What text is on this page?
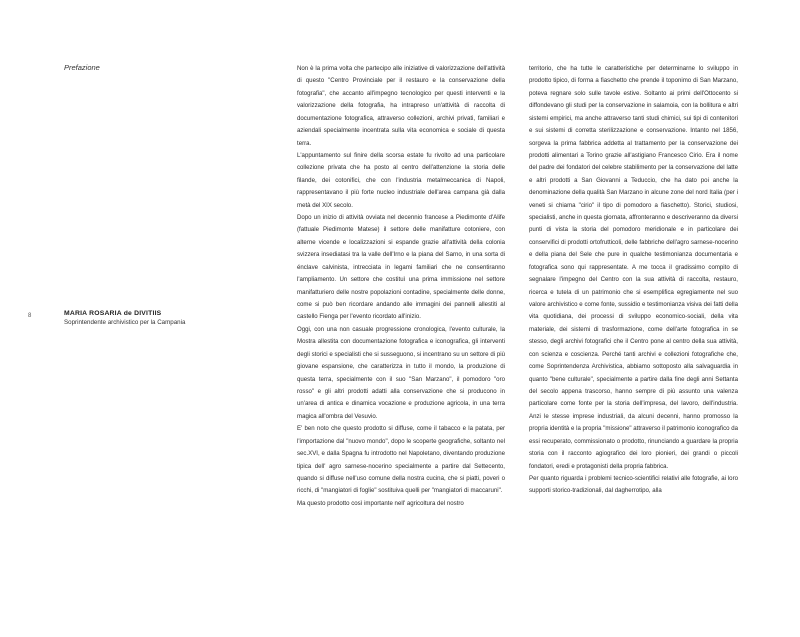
Prefazione
8	MARIA ROSARIA de DIVITIIS
Soprintendente archivistico per la Campania

Non è la prima volta che partecipo alle iniziative di valorizzazione dell'attività di questo "Centro Provinciale per il restauro e la conservazione della fotografia", che accanto all'impegno tecnologico per questi interventi e la valorizzazione della fotografia, ha intrapreso un'attività di raccolta di documentazione fotografica, attraverso collezioni, archivi privati, familiari e aziendali specialmente incentrata sulla vita economica e sociale di questa terra.

L'appuntamento sul finire della scorsa estate fu rivolto ad una particolare collezione privata che ha posto al centro dell'attenzione la storia delle filande, dei cotonifici, che con l'industria metalmeccanica di Napoli, rappresentavano il più forte nucleo industriale dell'area campana già dalla metà del XIX secolo.

Dopo un inizio di attività ovviata nel decennio francese a Piedimonte d'Alife (fattuale Piedimonte Matese) il settore delle manifatture cotoniere, con alterne vicende e localizzazioni si espande grazie all'attività della colonia svizzera insediatasi tra la valle dell'Irno e la piana del Sarno, in una sorta di énclave calvinista, intrecciata in legami familiari che ne consentiranno l'ampliamento. Un settore che costituì una prima immissione nel settore manifatturiero delle nostre popolazioni contadine, specialmente delle donne, come si può ben ricordare andando alle immagini dei pannelli allestiti al castello Fienga per l'evento ricordato all'inizio.

Oggi, con una non casuale progressione cronologica, l'evento culturale, la Mostra allestita con documentazione fotografica e iconografica, gli interventi degli storici e specialisti che si susseguono, si incentrano su un settore di più giovane espansione, che caratterizza in tutto il mondo, la produzione di questa terra, specialmente con il suo "San Marzano", il pomodoro "oro rosso" e gli altri prodotti adatti alla conservazione che si producono in un'area di antica e dinamica vocazione e produzione agricola, in una terra magica all'ombra del Vesuvio.

E' ben noto che questo prodotto si diffuse, come il tabacco e la patata, per l'importazione dal "nuovo mondo", dopo le scoperte geografiche, soltanto nel sec.XVI, e dalla Spagna fu introdotto nel Napoletano, diventando produzione tipica dell' agro sarnese-nocerino specialmente a partire dal Settecento, quando si diffuse nell'uso comune della nostra cucina, che si piatti, poveri o ricchi, di "mangiatori di foglie" sostituiva quelli per "mangiatori di maccaruni".

Ma questo prodotto così importante nell' agricoltura del nostro

territorio, che ha tutte le caratteristiche per determinarne lo sviluppo in prodotto tipico, di forma a fiaschetto che prende il toponimo di San Marzano, poteva regnare solo sulle tavole estive. Soltanto ai primi dell'Ottocento si diffondevano gli studi per la conservazione in salamoia, con la bollitura e altri sistemi empirici, ma anche attraverso tanti studi chimici, sui tipi di contenitori e sui sistemi di corretta sterilizzazione e conservazione. Intanto nel 1856, sorgeva la prima fabbrica addetta al trattamento per la conservazione dei prodotti alimentari a Torino grazie all'astigiano Francesco Cirio. Era il nome del padre dei fondatori del celebre stabilimento per la conservazione del latte e altri prodotti a San Giovanni a Teduccio, che ha dato poi anche la denominazione della qualità San Marzano in alcune zone del nord Italia (per i veneti si chiama "cirio" il tipo di pomodoro a fiaschetto). Storici, studiosi, specialisti, anche in questa giornata, affronteranno e descriveranno da diversi punti di vista la storia del pomodoro meridionale e in particolare dei conservifici di prodotti ortofrutticoli, delle fabbriche dell'agro sarnese-nocerino e della piana del Sele che pure in qualche testimonianza documentaria e fotografica sono qui rappresentate. A me tocca il gradissimo compito di segnalare l'impegno del Centro con la sua attività di raccolta, restauro, ricerca e tutela di un patrimonio che si esemplifica egregiamente nel suo valore archivistico e come fonte, sussidio e testimonianza visiva dei fatti della vita quotidiana, dei processi di sviluppo economico-sociali, della vita materiale, dei sistemi di trasformazione, come dell'arte fotografica in se stesso, degli archivi fotografici che il Centro pone al centro della sua attività, con scienza e coscienza. Perché tanti archivi e collezioni fotografiche che, come Soprintendenza Archivistica, abbiamo sottoposto alla salvaguardia in quanto "bene culturale", specialmente a partire dalla fine degli anni Settanta del secolo appena trascorso, hanno sempre di più assunto una valenza particolare come fonte per la storia dell'impresa, del lavoro, dell'industria. Anzi le stesse imprese industriali, da alcuni decenni, hanno promosso la propria identità e la propria "missione" attraverso il patrimonio iconografico da essi recuperato, commissionato o prodotto, rinunciando a guardare la propria storia con il racconto agiografico dei loro pionieri, dei grandi o piccoli fondatori, eredi e protagonisti della propria fabbrica.

Per quanto riguarda i problemi tecnico-scientifici relativi alle fotografie, ai loro supporti storico-tradizionali, dal dagherrotipo, alla
